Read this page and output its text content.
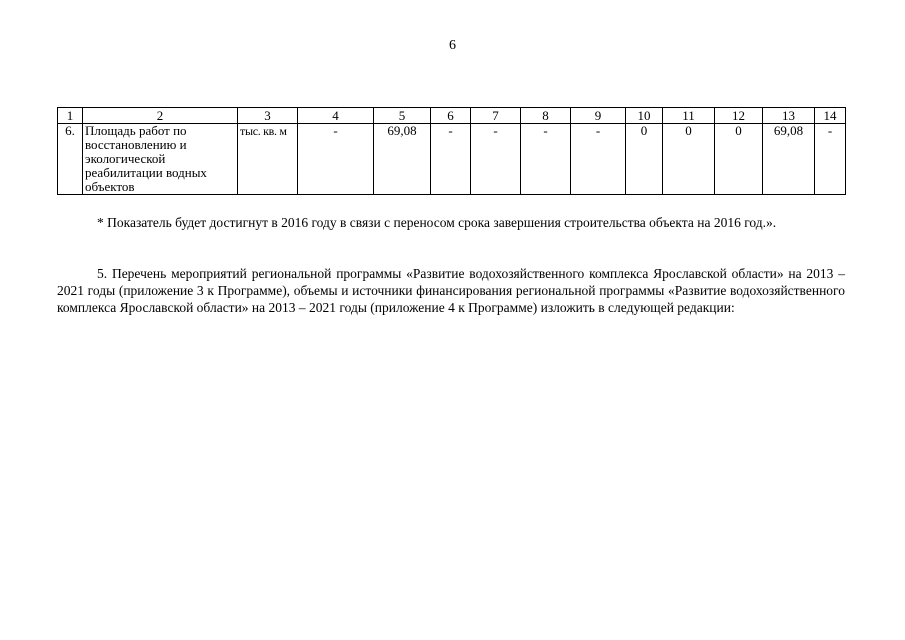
6
1	2	3	4	5	6	7	8	9	10	11	12	13	14
6.	Площадь работ по восстановлению и экологической реабилитации водных объектов	тыс. кв. м	-	69,08	-	-	-	-	0	0	0	69,08	-
* Показатель будет достигнут в 2016 году в связи с переносом срока завершения строительства объекта на 2016 год.».
5. Перечень мероприятий региональной программы «Развитие водохозяйственного комплекса Ярославской области» на 2013 – 2021 годы (приложение 3 к Программе), объемы и источники финансирования региональной программы «Развитие водохозяйственного комплекса Ярославской области» на 2013 – 2021 годы (приложение 4 к Программе) изложить в следующей редакции:
